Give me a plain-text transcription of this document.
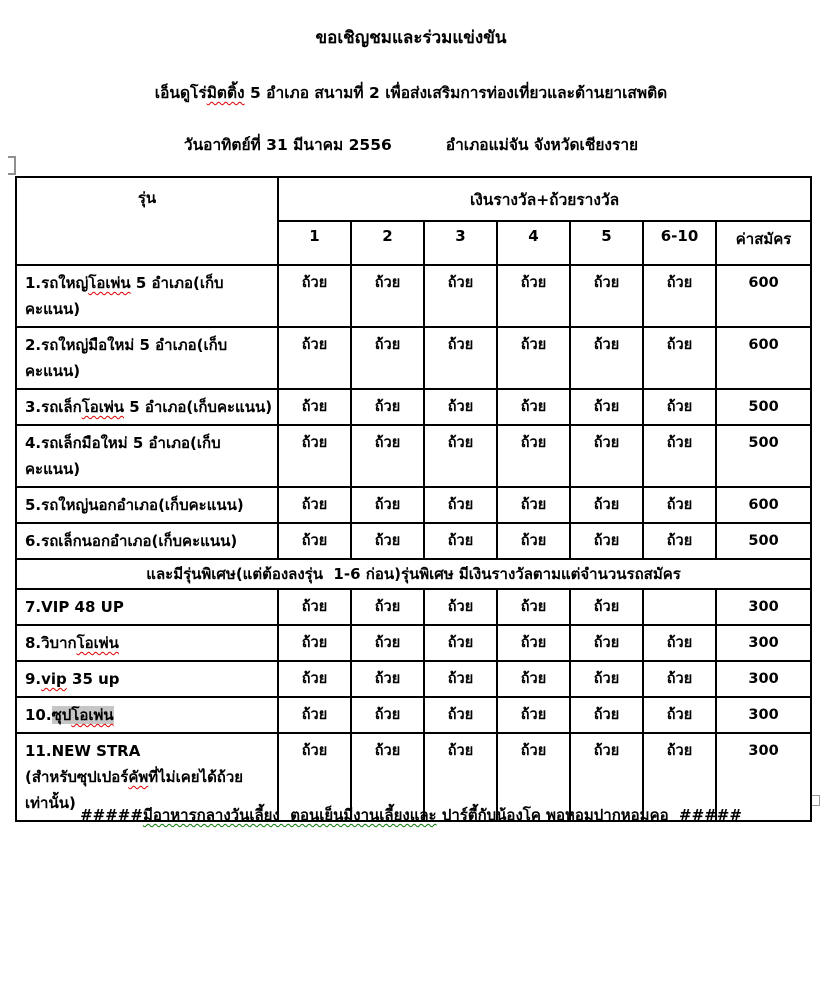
ขอเชิญชมและร่วมแข่งขัน
เอ็นดูโร่มิตติ้ง 5 อำเภอ สนามที่ 2 เพื่อส่งเสริมการท่องเที่ยวและต้านยาเสพติด
วันอาทิตย์ที่ 31 มีนาคม 2556	อำเภอแม่จัน จังหวัดเชียงราย
รุ่น	เงินรางวัล+ถ้วยรางวัล						
	1	2	3	4	5	6-10	ค่าสมัคร
1.รถใหญ่โอเพ่น 5 อำเภอ(เก็บคะแนน)	ถ้วย	ถ้วย	ถ้วย	ถ้วย	ถ้วย	ถ้วย	600
2.รถใหญ่มือใหม่ 5 อำเภอ(เก็บคะแนน)	ถ้วย	ถ้วย	ถ้วย	ถ้วย	ถ้วย	ถ้วย	600
3.รถเล็กโอเพ่น 5 อำเภอ(เก็บคะแนน)	ถ้วย	ถ้วย	ถ้วย	ถ้วย	ถ้วย	ถ้วย	500
4.รถเล็กมือใหม่ 5 อำเภอ(เก็บคะแนน)	ถ้วย	ถ้วย	ถ้วย	ถ้วย	ถ้วย	ถ้วย	500
5.รถใหญ่นอกอำเภอ(เก็บคะแนน)	ถ้วย	ถ้วย	ถ้วย	ถ้วย	ถ้วย	ถ้วย	600
6.รถเล็กนอกอำเภอ(เก็บคะแนน)	ถ้วย	ถ้วย	ถ้วย	ถ้วย	ถ้วย	ถ้วย	500
และมีรุ่นพิเศษ(แต่ต้องลงรุ่น  1-6 ก่อน)รุ่นพิเศษ มีเงินรางวัลตามแต่จำนวนรถสมัคร							
7.VIP 48 UP	ถ้วย	ถ้วย	ถ้วย	ถ้วย	ถ้วย		300
8.วิบากโอเพ่น	ถ้วย	ถ้วย	ถ้วย	ถ้วย	ถ้วย	ถ้วย	300
9.vip 35 up	ถ้วย	ถ้วย	ถ้วย	ถ้วย	ถ้วย	ถ้วย	300
10.ซุปโอเพ่น	ถ้วย	ถ้วย	ถ้วย	ถ้วย	ถ้วย	ถ้วย	300
11.NEW STRA
(สำหรับซุปเปอร์คัพที่ไม่เคยได้ถ้วยเท่านั้น)	ถ้วย	ถ้วย	ถ้วย	ถ้วย	ถ้วย	ถ้วย	300
#####มีอาหารกลางวันเลี้ยง  ตอนเย็นมีงานเลี้ยงและ ปาร์ตี้กับน้องโค พอหอมปากหอมคอ  #####
